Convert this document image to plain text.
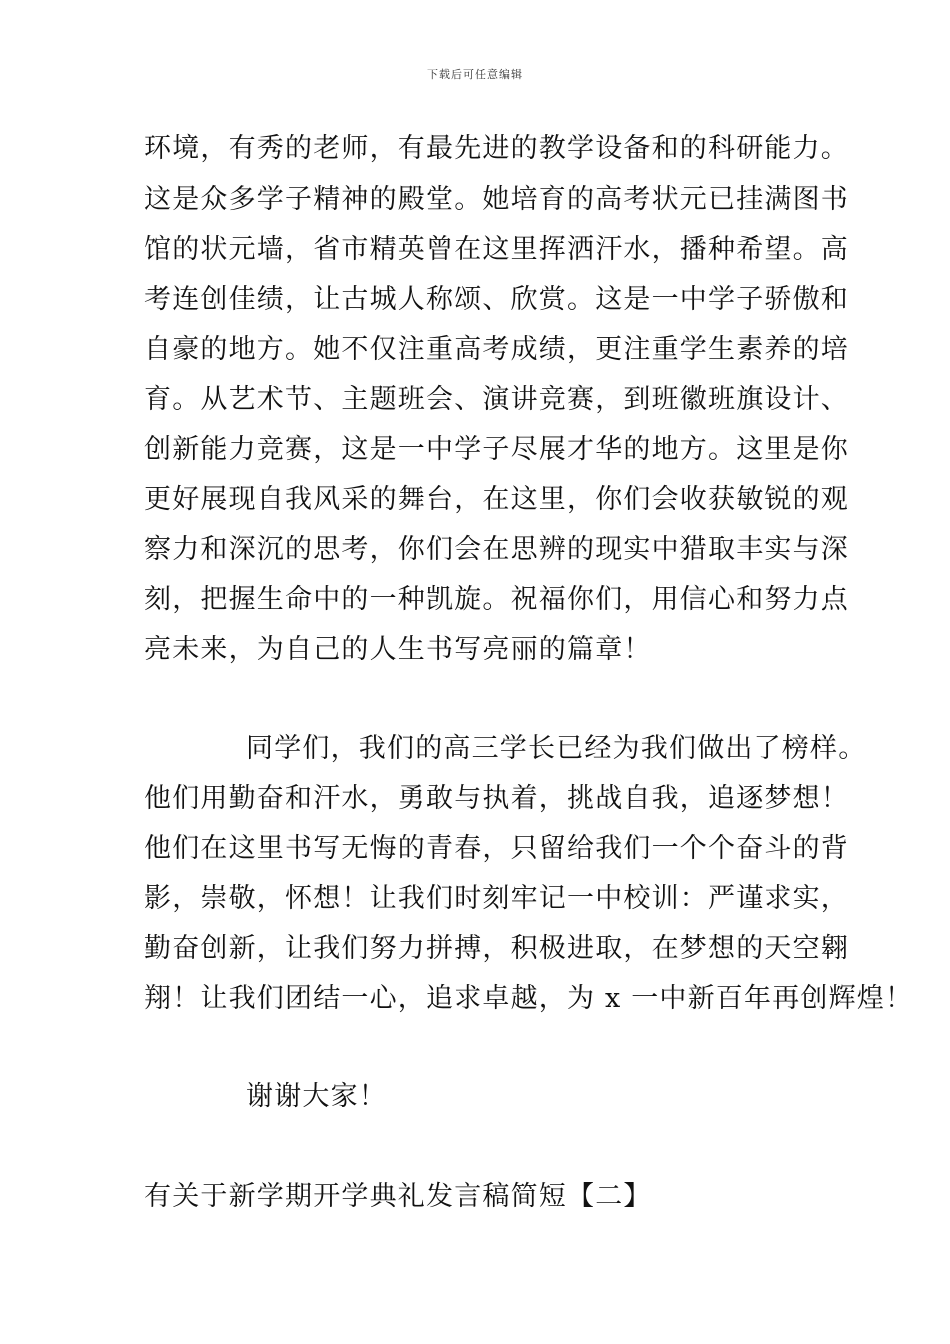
下载后可任意编辑
环境，有秀的老师，有最先进的教学设备和的科研能力。
这是众多学子精神的殿堂。她培育的高考状元已挂满图书
馆的状元墙，省市精英曾在这里挥洒汗水，播种希望。高
考连创佳绩，让古城人称颂、欣赏。这是一中学子骄傲和
自豪的地方。她不仅注重高考成绩，更注重学生素养的培
育。从艺术节、主题班会、演讲竞赛，到班徽班旗设计、
创新能力竞赛，这是一中学子尽展才华的地方。这里是你
更好展现自我风采的舞台，在这里，你们会收获敏锐的观
察力和深沉的思考，你们会在思辨的现实中猎取丰实与深
刻，把握生命中的一种凯旋。祝福你们，用信心和努力点
亮未来，为自己的人生书写亮丽的篇章！
同学们，我们的高三学长已经为我们做出了榜样。
他们用勤奋和汗水，勇敢与执着，挑战自我，追逐梦想！
他们在这里书写无悔的青春，只留给我们一个个奋斗的背
影，崇敬，怀想！让我们时刻牢记一中校训：严谨求实，
勤奋创新，让我们努力拼搏，积极进取，在梦想的天空翱
翔！让我们团结一心，追求卓越，为 x 一中新百年再创辉煌！
谢谢大家！
有关于新学期开学典礼发言稿简短【二】
